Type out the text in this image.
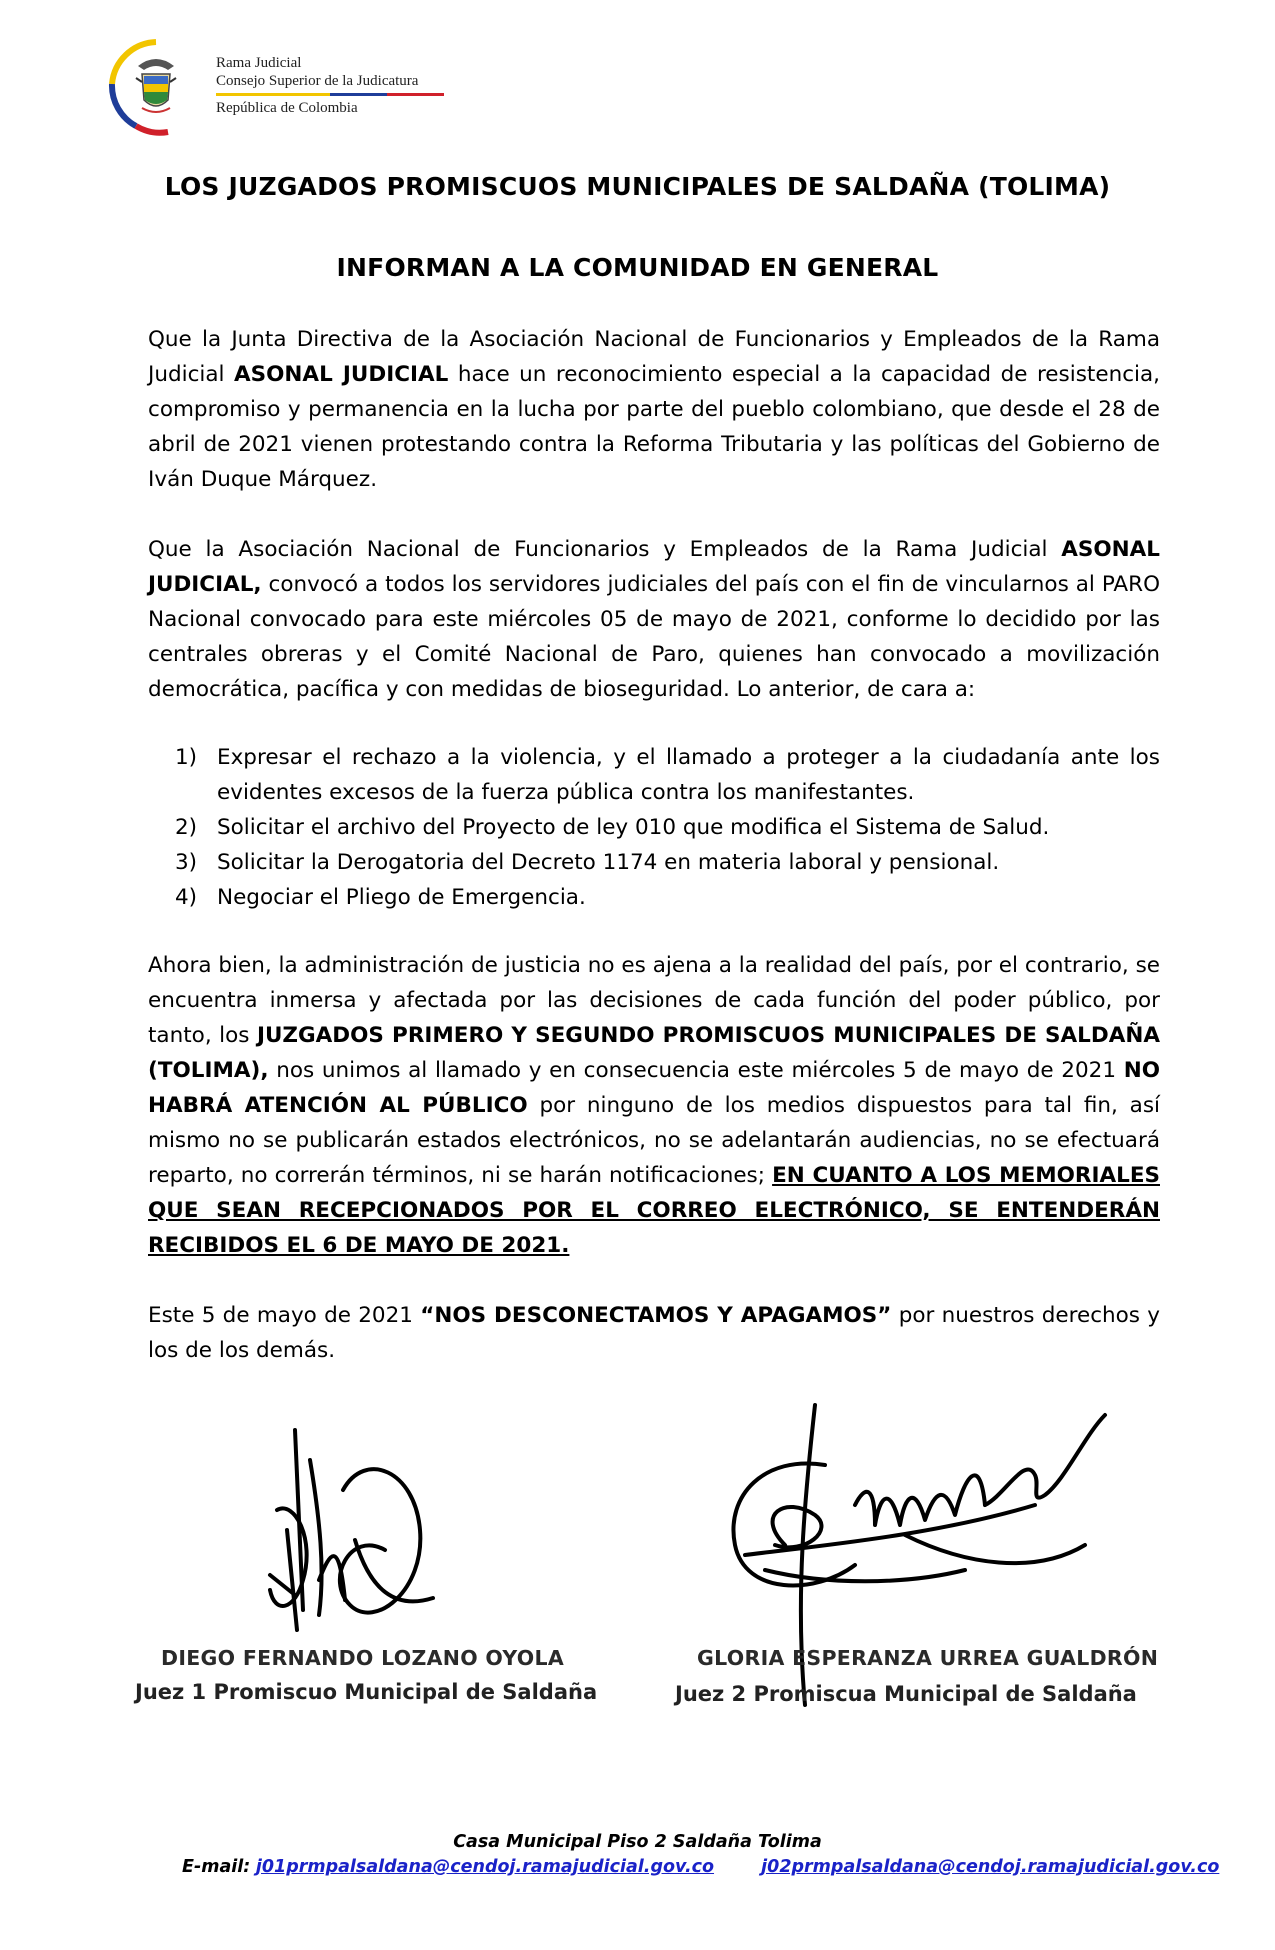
Rama Judicial
Consejo Superior de la Judicatura
República de Colombia
LOS JUZGADOS PROMISCUOS MUNICIPALES DE SALDAÑA (TOLIMA)
INFORMAN A LA COMUNIDAD EN GENERAL
Que la Junta Directiva de la Asociación Nacional de Funcionarios y Empleados de la Rama Judicial ASONAL JUDICIAL hace un reconocimiento especial a la capacidad de resistencia, compromiso y permanencia en la lucha por parte del pueblo colombiano, que desde el 28 de abril de 2021 vienen protestando contra la Reforma Tributaria y las políticas del Gobierno de Iván Duque Márquez.
Que la Asociación Nacional de Funcionarios y Empleados de la Rama Judicial ASONAL JUDICIAL, convocó a todos los servidores judiciales del país con el fin de vincularnos al PARO Nacional convocado para este miércoles 05 de mayo de 2021, conforme lo decidido por las centrales obreras y el Comité Nacional de Paro, quienes han convocado a movilización democrática, pacífica y con medidas de bioseguridad. Lo anterior, de cara a:
1) Expresar el rechazo a la violencia, y el llamado a proteger a la ciudadanía ante los evidentes excesos de la fuerza pública contra los manifestantes.
2) Solicitar el archivo del Proyecto de ley 010 que modifica el Sistema de Salud.
3) Solicitar la Derogatoria del Decreto 1174 en materia laboral y pensional.
4) Negociar el Pliego de Emergencia.
Ahora bien, la administración de justicia no es ajena a la realidad del país, por el contrario, se encuentra inmersa y afectada por las decisiones de cada función del poder público, por tanto, los JUZGADOS PRIMERO Y SEGUNDO PROMISCUOS MUNICIPALES DE SALDAÑA (TOLIMA), nos unimos al llamado y en consecuencia este miércoles 5 de mayo de 2021 NO HABRÁ ATENCIÓN AL PÚBLICO por ninguno de los medios dispuestos para tal fin, así mismo no se publicarán estados electrónicos, no se adelantarán audiencias, no se efectuará reparto, no correrán términos, ni se harán notificaciones; EN CUANTO A LOS MEMORIALES QUE SEAN RECEPCIONADOS POR EL CORREO ELECTRÓNICO, SE ENTENDERÁN RECIBIDOS EL 6 DE MAYO DE 2021.
Este 5 de mayo de 2021 “NOS DESCONECTAMOS Y APAGAMOS” por nuestros derechos y los de los demás.
DIEGO FERNANDO LOZANO OYOLA
Juez 1 Promiscuo Municipal de Saldaña
GLORIA ESPERANZA URREA GUALDRÓN
Juez 2 Promiscua Municipal de Saldaña
Casa Municipal Piso 2 Saldaña Tolima
E-mail: j01prmpalsaldana@cendoj.ramajudicial.gov.co	j02prmpalsaldana@cendoj.ramajudicial.gov.co
